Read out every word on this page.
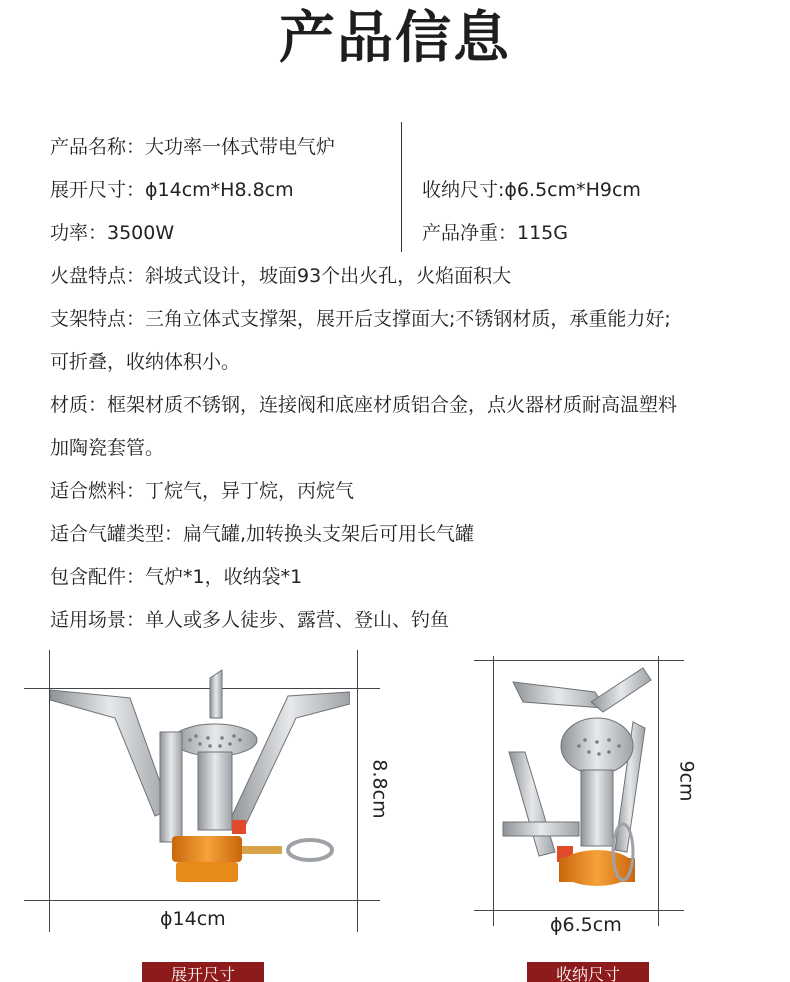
产品信息
产品名称：大功率一体式带电气炉
展开尺寸：ϕ14cm*H8.8cm	收纳尺寸:ϕ6.5cm*H9cm
功率：3500W	产品净重：115G
火盘特点：斜坡式设计，坡面93个出火孔，火焰面积大
支架特点：三角立体式支撑架，展开后支撑面大;不锈钢材质，承重能力好;
可折叠，收纳体积小。
材质：框架材质不锈钢，连接阀和底座材质铝合金，点火器材质耐高温塑料
加陶瓷套管。
适合燃料：丁烷气，异丁烷，丙烷气
适合气罐类型：扁气罐,加转换头支架后可用长气罐
包含配件：气炉*1，收纳袋*1
适用场景：单人或多人徒步、露营、登山、钓鱼
ϕ14cm
8.8cm
ϕ6.5cm
9cm
展开尺寸	收纳尺寸
